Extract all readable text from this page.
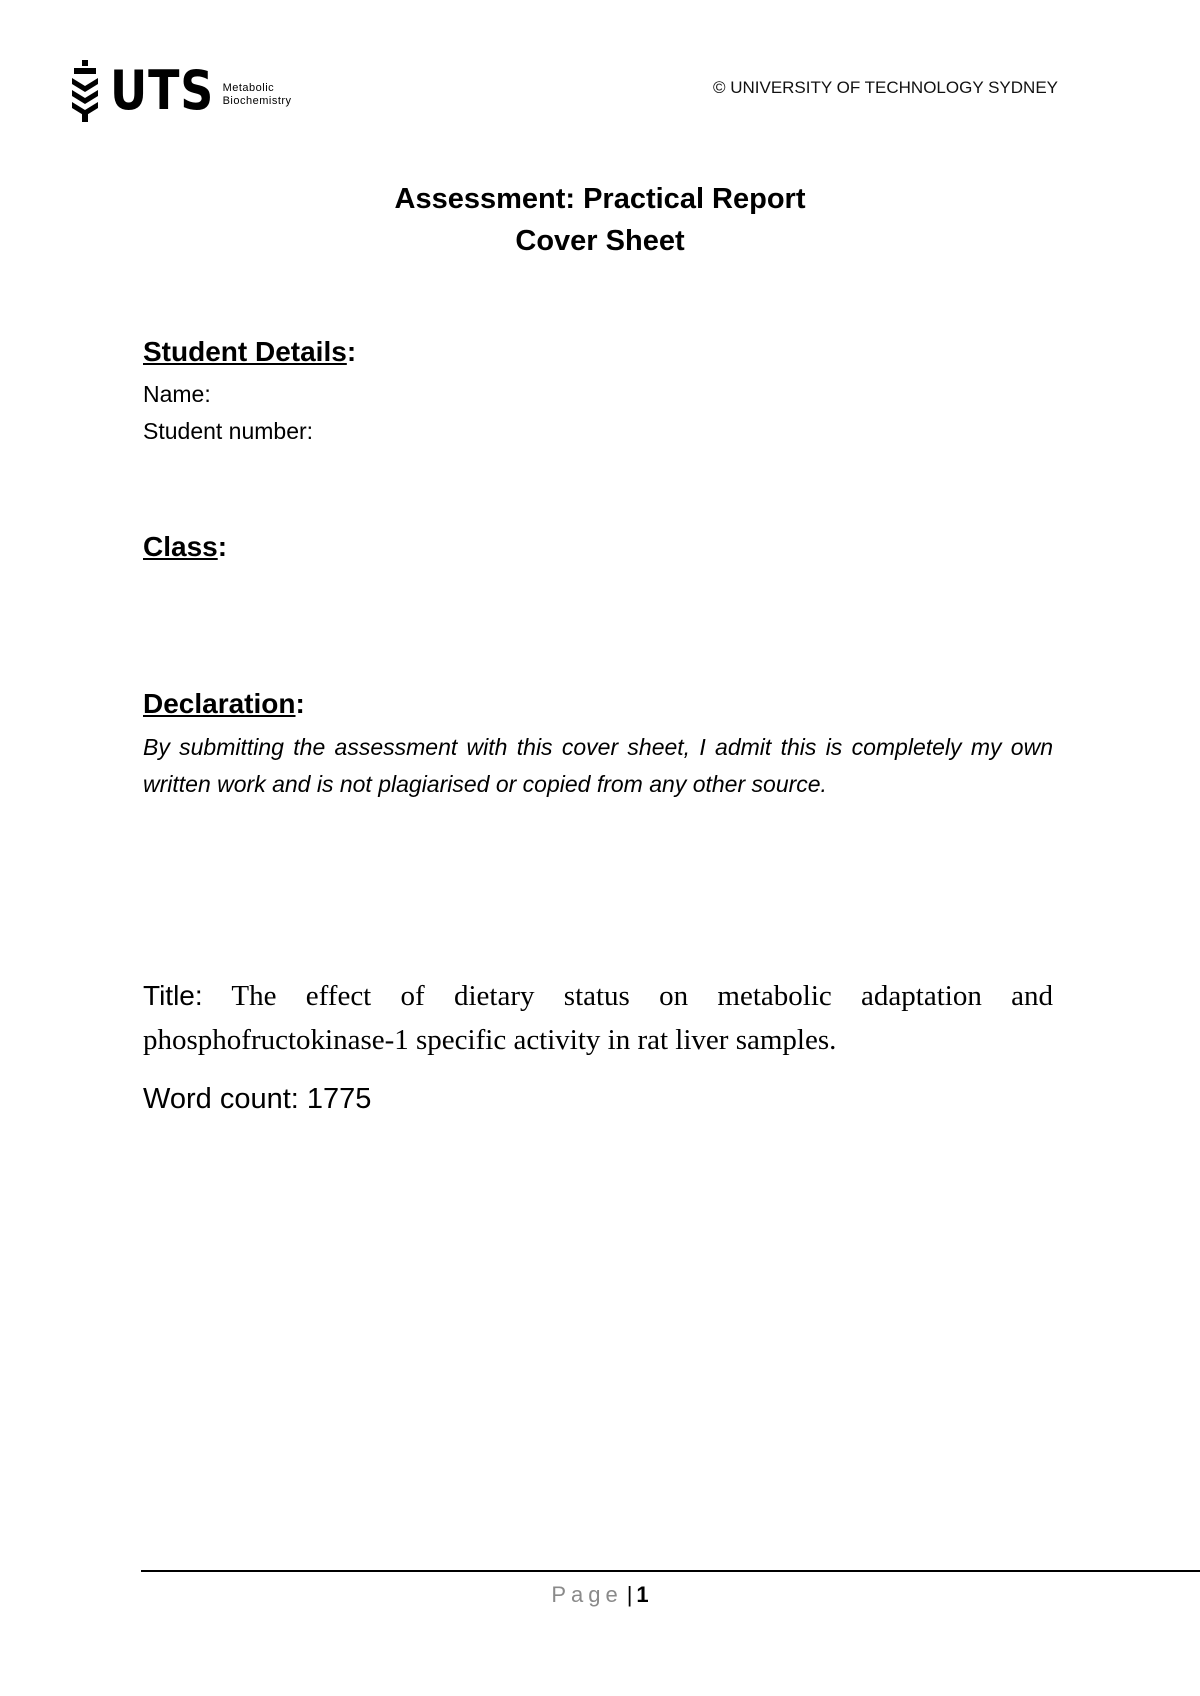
UTS Metabolic
Biochemistry
© UNIVERSITY OF TECHNOLOGY SYDNEY
Assessment: Practical Report
Cover Sheet
Student Details:
Name:
Student number:
Class:
Declaration:
By submitting the assessment with this cover sheet, I admit this is completely my own written work and is not plagiarised or copied from any other source.
Title: The effect of dietary status on metabolic adaptation and phosphofructokinase-1 specific activity in rat liver samples.
Word count: 1775
Page | 1
